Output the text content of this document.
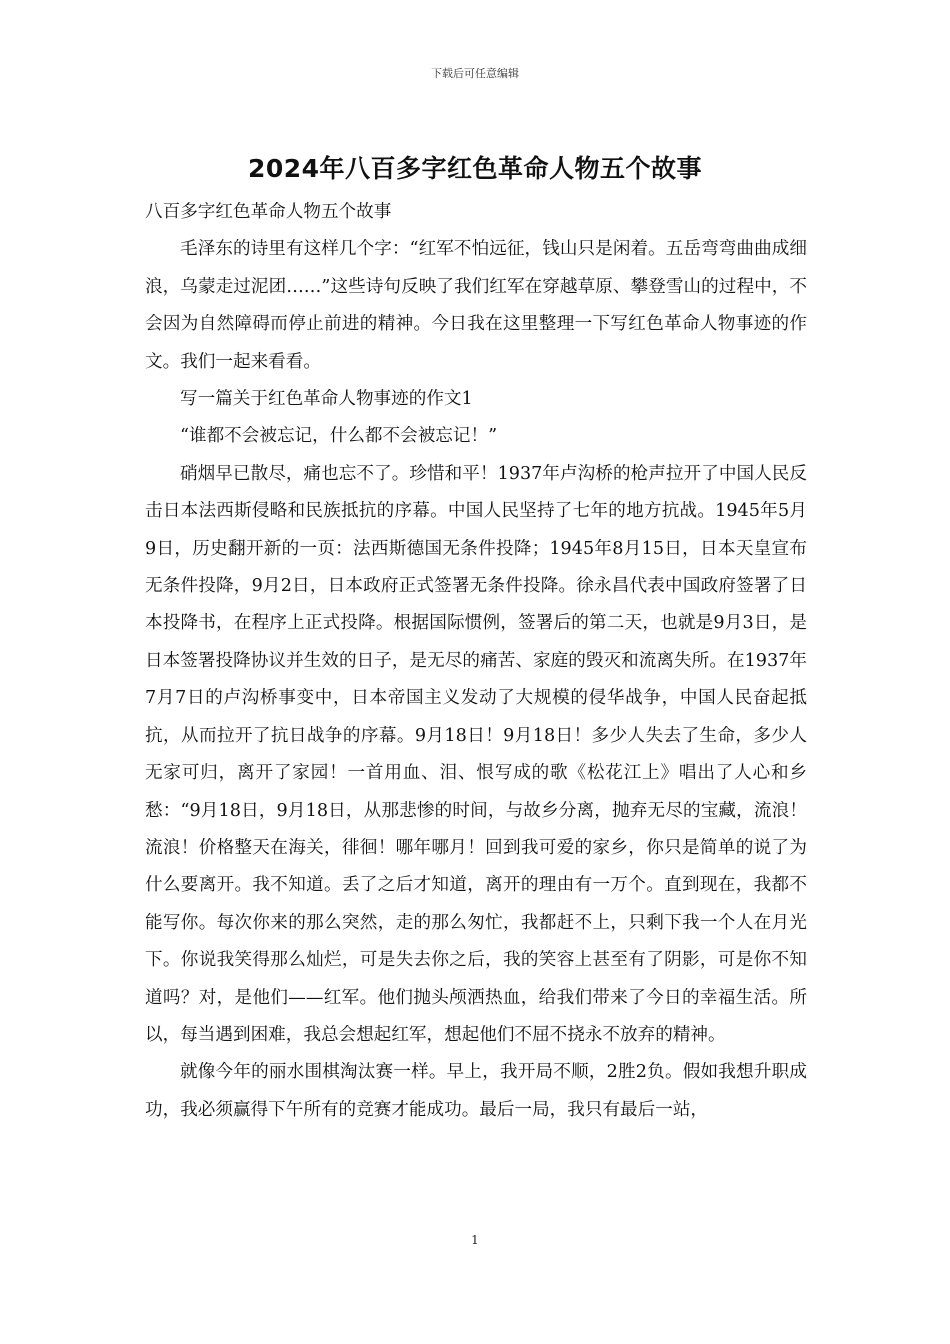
下载后可任意编辑
2024年八百多字红色革命人物五个故事

八百多字红色革命人物五个故事

毛泽东的诗里有这样几个字：“红军不怕远征，钱山只是闲着。五岳弯弯曲曲成细浪，乌蒙走过泥团……”这些诗句反映了我们红军在穿越草原、攀登雪山的过程中，不会因为自然障碍而停止前进的精神。今日我在这里整理一下写红色革命人物事迹的作文。我们一起来看看。

写一篇关于红色革命人物事迹的作文1

“谁都不会被忘记，什么都不会被忘记！”

硝烟早已散尽，痛也忘不了。珍惜和平！1937年卢沟桥的枪声拉开了中国人民反击日本法西斯侵略和民族抵抗的序幕。中国人民坚持了七年的地方抗战。1945年5月9日，历史翻开新的一页：法西斯德国无条件投降；1945年8月15日，日本天皇宣布无条件投降，9月2日，日本政府正式签署无条件投降。徐永昌代表中国政府签署了日本投降书，在程序上正式投降。根据国际惯例，签署后的第二天，也就是9月3日，是日本签署投降协议并生效的日子，是无尽的痛苦、家庭的毁灭和流离失所。在1937年7月7日的卢沟桥事变中，日本帝国主义发动了大规模的侵华战争，中国人民奋起抵抗，从而拉开了抗日战争的序幕。9月18日！9月18日！多少人失去了生命，多少人无家可归，离开了家园！一首用血、泪、恨写成的歌《松花江上》唱出了人心和乡愁：“9月18日，9月18日，从那悲惨的时间，与故乡分离，抛弃无尽的宝藏，流浪！流浪！价格整天在海关，徘徊！哪年哪月！回到我可爱的家乡，你只是简单的说了为什么要离开。我不知道。丢了之后才知道，离开的理由有一万个。直到现在，我都不能写你。每次你来的那么突然，走的那么匆忙，我都赶不上，只剩下我一个人在月光下。你说我笑得那么灿烂，可是失去你之后，我的笑容上甚至有了阴影，可是你不知道吗？对，是他们——红军。他们抛头颅洒热血，给我们带来了今日的幸福生活。所以，每当遇到困难，我总会想起红军，想起他们不屈不挠永不放弃的精神。

就像今年的丽水围棋淘汰赛一样。早上，我开局不顺，2胜2负。假如我想升职成功，我必须赢得下午所有的竞赛才能成功。最后一局，我只有最后一站，

1
